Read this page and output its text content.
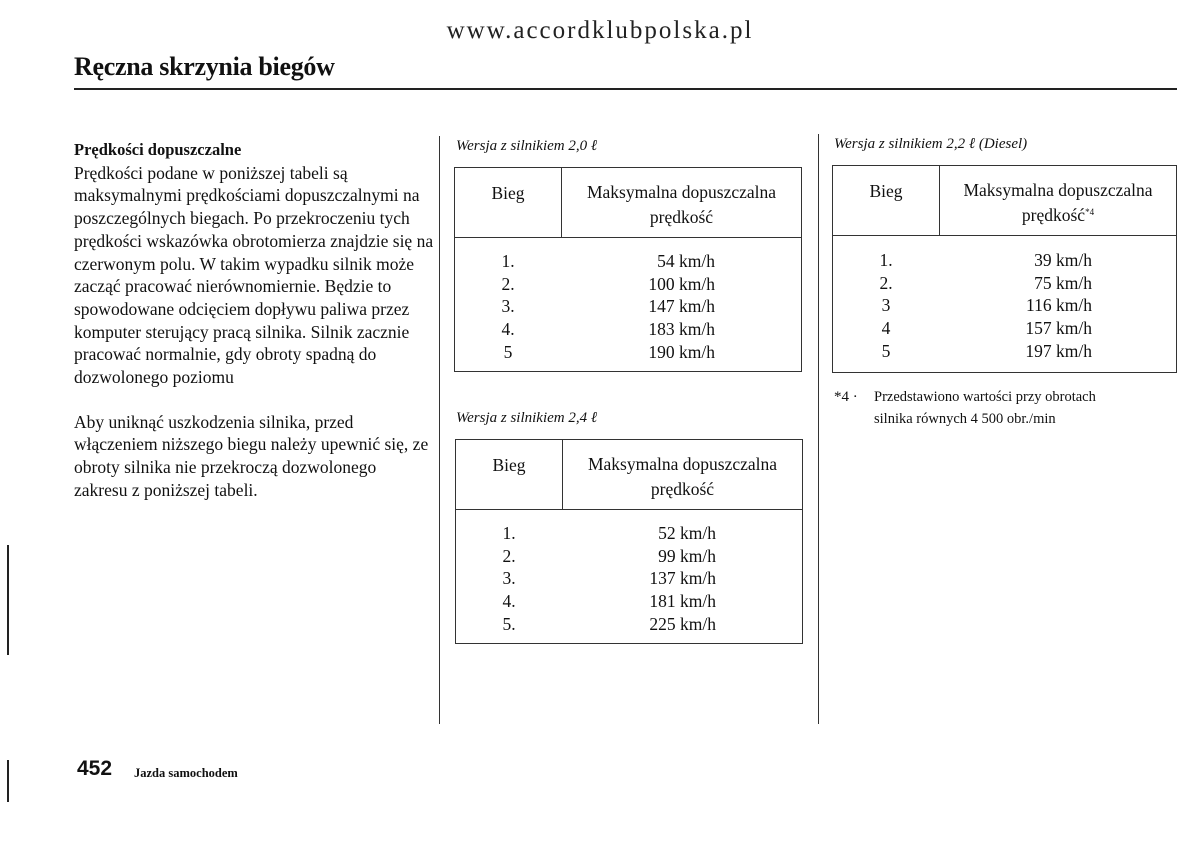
www.accordklubpolska.pl
Ręczna skrzynia biegów
Prędkości dopuszczalne

Prędkości podane w poniższej tabeli są maksymalnymi prędkościami dopuszczalnymi na poszczególnych biegach. Po przekroczeniu tych prędkości wskazówka obrotomierza znajdzie się na czerwonym polu. W takim wypadku silnik może zacząć pracować nierównomiernie. Będzie to spowodowane odcięciem dopływu paliwa przez komputer sterujący pracą silnika. Silnik zacznie pracować normalnie, gdy obroty spadną do dozwolonego poziomu

Aby uniknąć uszkodzenia silnika, przed włączeniem niższego biegu należy upewnić się, ze obroty silnika nie przekroczą dozwolonego zakresu z poniższej tabeli.

Wersja z silnikiem 2,0 ℓ
Bieg	Maksymalna dopuszczalna
prędkość
1.	54 km/h
2.	100 km/h
3.	147 km/h
4.	183 km/h
5	190 km/h
Wersja z silnikiem 2,4 ℓ
Bieg	Maksymalna dopuszczalna
prędkość
1.	52 km/h
2.	99 km/h
3.	137 km/h
4.	181 km/h
5.	225 km/h
Wersja z silnikiem 2,2 ℓ (Diesel)
Bieg	Maksymalna dopuszczalna
prędkość$^{*4}$
1.	39 km/h
2.	75 km/h
3	116 km/h
4	157 km/h
5	197 km/h
*4 · Przedstawiono wartości przy obrotach
silnika równych 4 500 obr./min
452 Jazda samochodem
